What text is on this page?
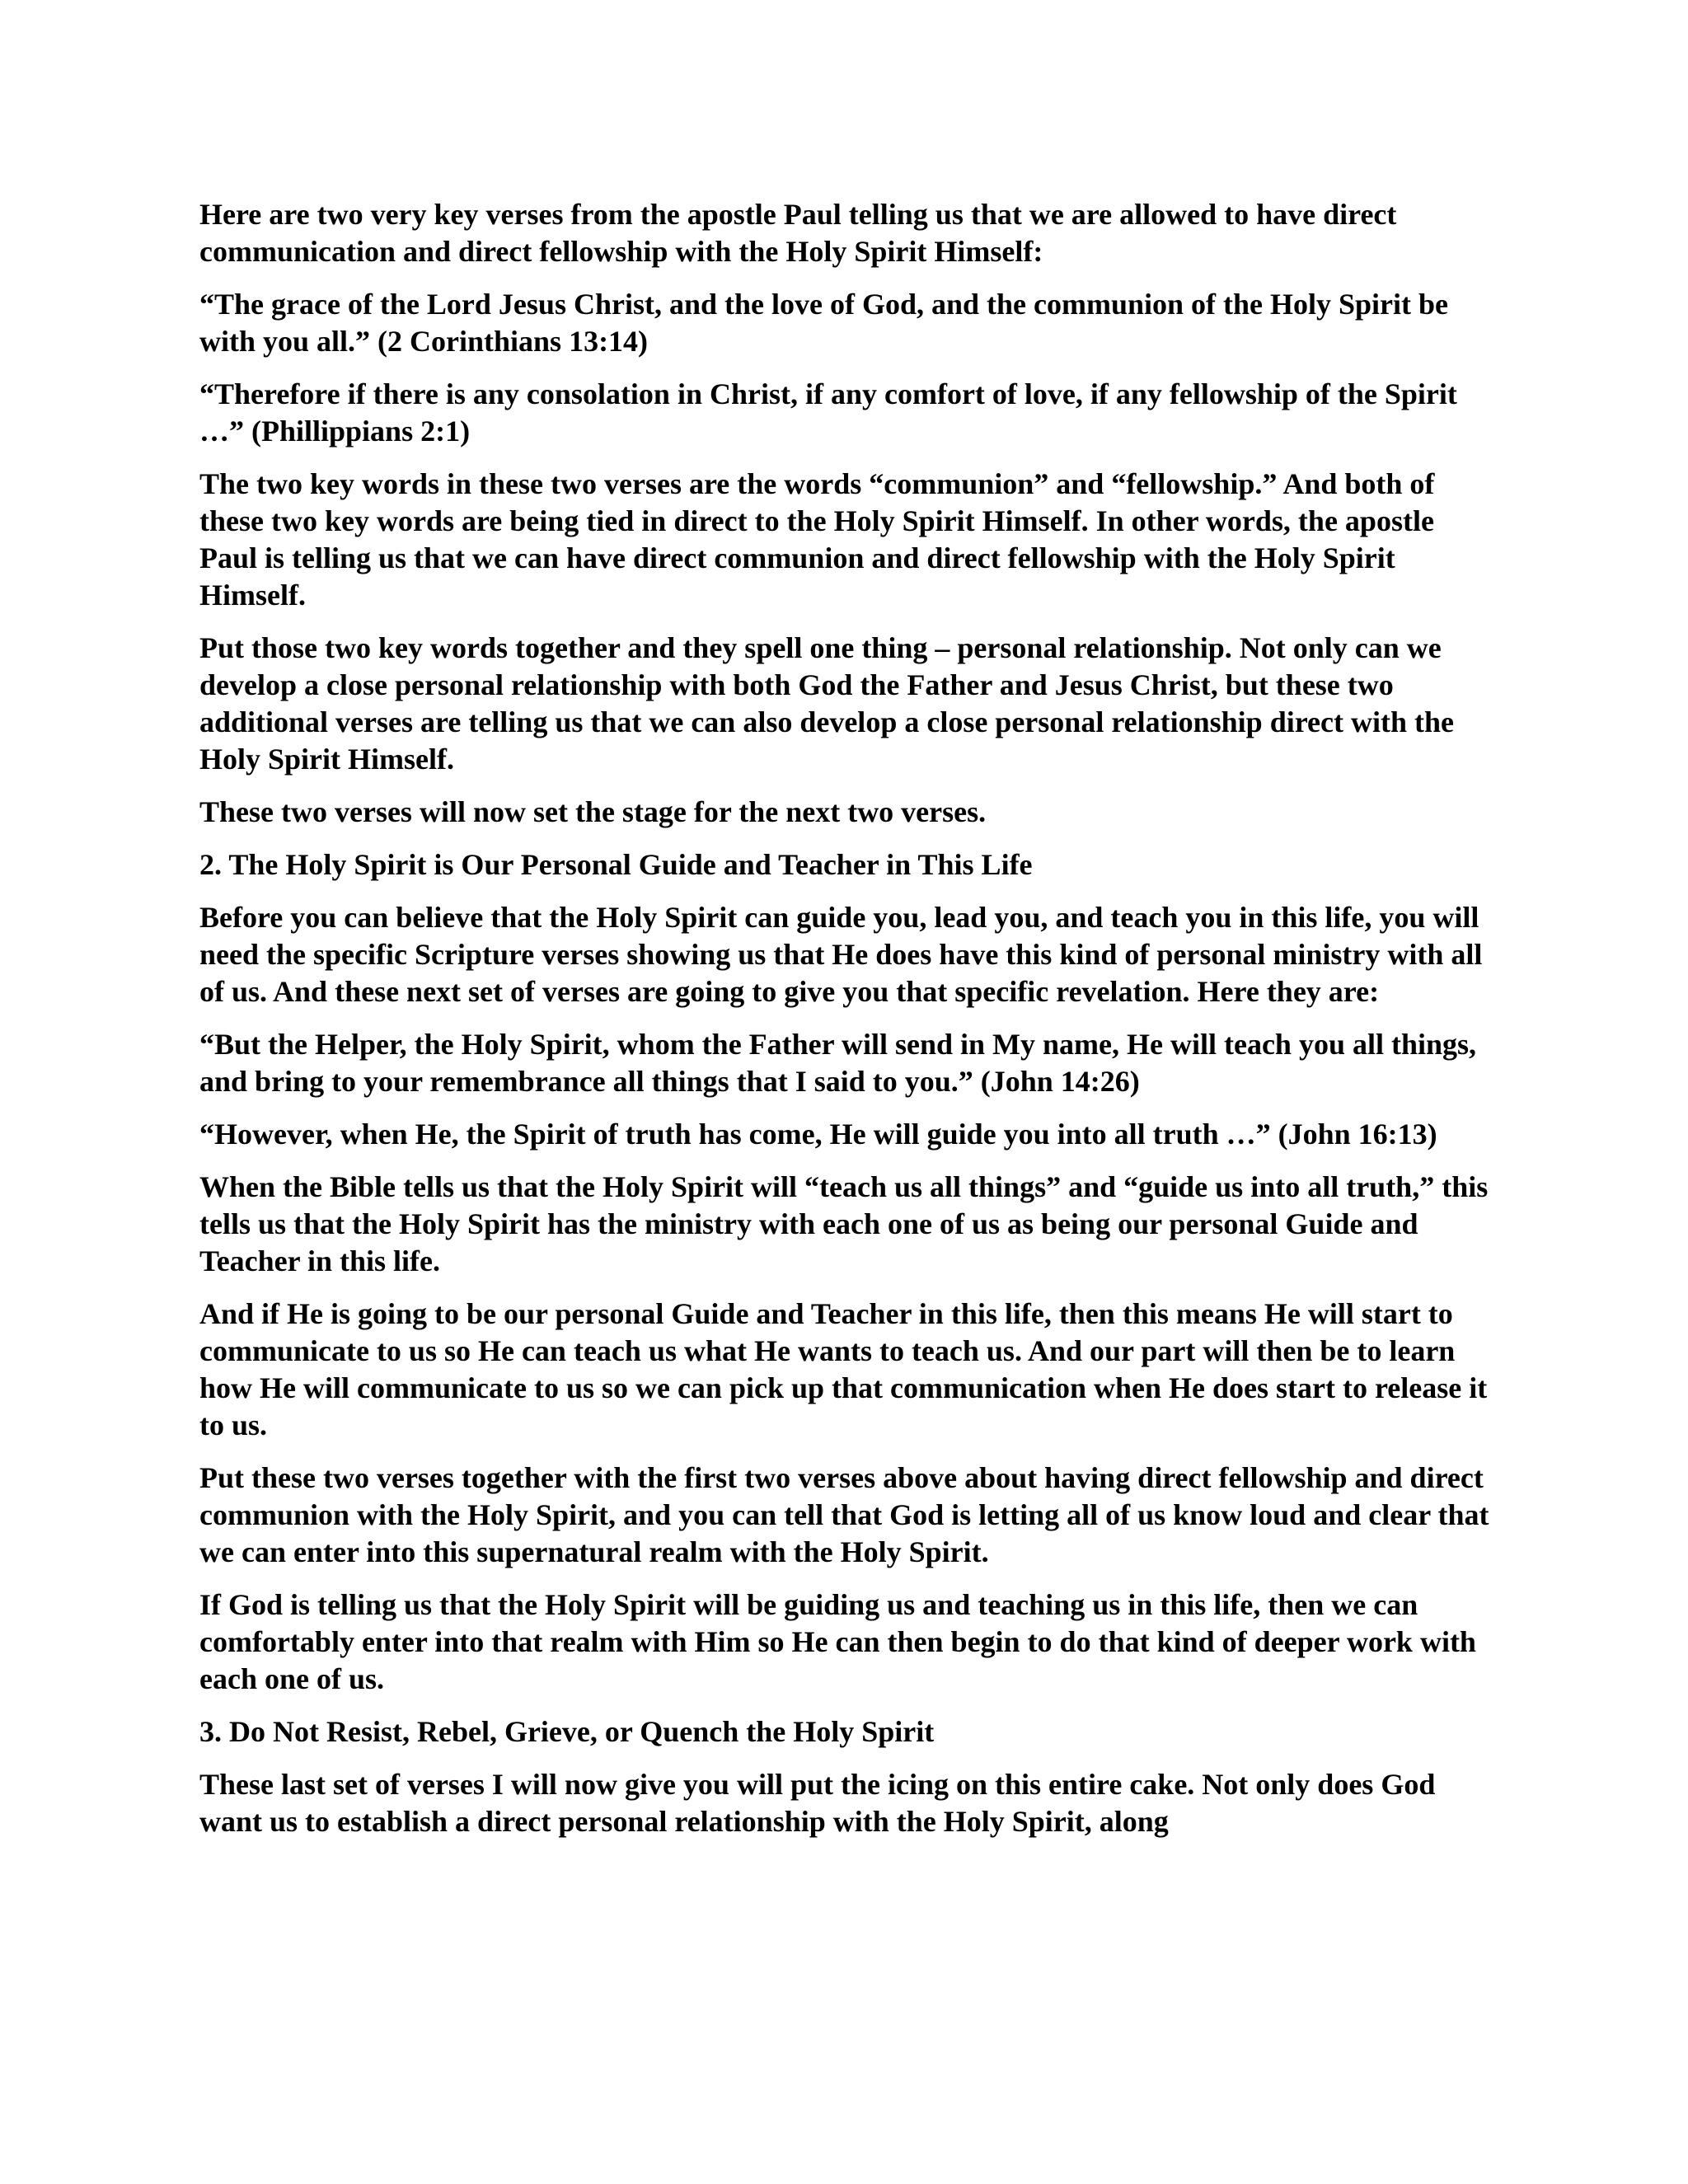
Here are two very key verses from the apostle Paul telling us that we are allowed to have direct communication and direct fellowship with the Holy Spirit Himself:

“The grace of the Lord Jesus Christ, and the love of God, and the communion of the Holy Spirit be with you all.” (2 Corinthians 13:14)

“Therefore if there is any consolation in Christ, if any comfort of love, if any fellowship of the Spirit …” (Phillippians 2:1)

The two key words in these two verses are the words “communion” and “fellowship.” And both of these two key words are being tied in direct to the Holy Spirit Himself. In other words, the apostle Paul is telling us that we can have direct communion and direct fellowship with the Holy Spirit Himself.

Put those two key words together and they spell one thing – personal relationship. Not only can we develop a close personal relationship with both God the Father and Jesus Christ, but these two additional verses are telling us that we can also develop a close personal relationship direct with the Holy Spirit Himself.

These two verses will now set the stage for the next two verses.

2. The Holy Spirit is Our Personal Guide and Teacher in This Life

Before you can believe that the Holy Spirit can guide you, lead you, and teach you in this life, you will need the specific Scripture verses showing us that He does have this kind of personal ministry with all of us. And these next set of verses are going to give you that specific revelation. Here they are:

“But the Helper, the Holy Spirit, whom the Father will send in My name, He will teach you all things, and bring to your remembrance all things that I said to you.” (John 14:26)

“However, when He, the Spirit of truth has come, He will guide you into all truth …” (John 16:13)

When the Bible tells us that the Holy Spirit will “teach us all things” and “guide us into all truth,” this tells us that the Holy Spirit has the ministry with each one of us as being our personal Guide and Teacher in this life.

And if He is going to be our personal Guide and Teacher in this life, then this means He will start to communicate to us so He can teach us what He wants to teach us. And our part will then be to learn how He will communicate to us so we can pick up that communication when He does start to release it to us.

Put these two verses together with the first two verses above about having direct fellowship and direct communion with the Holy Spirit, and you can tell that God is letting all of us know loud and clear that we can enter into this supernatural realm with the Holy Spirit.

If God is telling us that the Holy Spirit will be guiding us and teaching us in this life, then we can comfortably enter into that realm with Him so He can then begin to do that kind of deeper work with each one of us.

3. Do Not Resist, Rebel, Grieve, or Quench the Holy Spirit

These last set of verses I will now give you will put the icing on this entire cake. Not only does God want us to establish a direct personal relationship with the Holy Spirit, along
